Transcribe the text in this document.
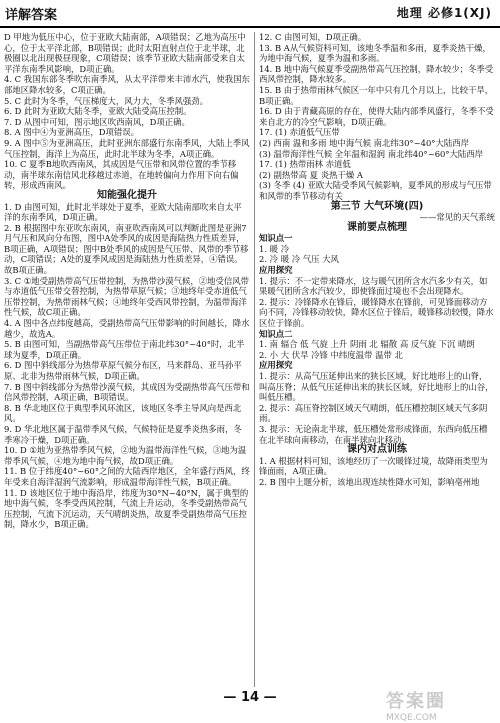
详解答案	地理 必修1(XJ)

D 甲地为低压中心，位于亚欧大陆南部，A项错误；乙地为高压中心，位于太平洋北部，B项错误；此时太阳直射点位于北半球，北极圈以北出现极昼现象，C项错误；该季节亚欧大陆南部受来自太平洋东南季风影响，D项正确。

4. C 我国东部冬季吹东南季风，从太平洋带来丰沛水汽，使我国东部地区降水较多，C项正确。

5. C 此时为冬季，气压梯度大，风力大，冬季风强劲。

6. D 此时为亚欧大陆冬季，亚欧大陆受高压控制。

7. D 从图中可知，图示地区吹西南风，D项正确。

8. A 图中④为亚洲高压，D项错误。

9. A 图中⑤为亚洲高压，此时亚洲东部盛行东南季风，大陆上季风气压控制，海洋上为高压，此时北半球为冬季，A项正确。

10. C 夏季B地吹西南风，其成因是气压带和风带位置的季节移动，南半球东南信风北移越过赤道，在地转偏向力作用下向右偏转，形成西南风。

知能强化提升

1. D 由图可知，此时北半球处于夏季，亚欧大陆南部吹来自太平洋的东南季风，D项正确。

2. B 根据图中东亚吹东南风，南亚吹西南风可以判断此图是亚洲7月气压和风向分布图，图中A处季风的成因是海陆热力性质差异，B项正确，A项错误；图中B处季风的成因是气压带、风带的季节移动，C项错误；A处的夏季风成因是海陆热力性质差异，④错误。故B项正确。

3. C ①地受副热带高气压带控制，为热带沙漠气候，②地受信风带与赤道低气压带交替控制，为热带草原气候；③地终年受赤道低气压带控制，为热带雨林气候；④地终年受西风带控制，为温带海洋性气候，故C项正确。

4. A 图中各点纬度越高，受副热带高气压带影响的时间越长，降水越少，故选A。

5. B 由图可知，当副热带高气压带位于南北纬30°~40°时，北半球为夏季，D项正确。

6. D 图中斜线部分为热带草原气候分布区，马来群岛、亚马孙平原、北非为热带雨林气候，D项正确。

7. B 图中斜线部分为热带沙漠气候，其成因为受副热带高气压带和信风带控制，A项正确，B项错误。

8. B 华北地区位于典型季风环流区，该地区冬季主导风向是西北风。

9. D 华北地区属于温带季风气候，气候特征是夏季炎热多雨，冬季寒冷干燥，D项正确。

10. D ①地为亚热带季风气候，②地为温带海洋性气候，③地为温带季风气候，④地为地中海气候，故D项正确。

11. B 位于纬度40°~60°之间的大陆西岸地区，全年盛行西风，终年受来自海洋湿润气流影响，形成温带海洋性气候，B项正确。

11. D 该地区位于地中海沿岸，纬度为30°N~40°N，属于典型的地中海气候，冬季受西风控制，气流上升运动，冬季受副热带高气压控制，气流下沉运动，天气晴朗炎热，故夏季受副热带高气压控制，降水少，B项正确。

12. C 由图可知，D项正确。

13. B A从气候资料可知，该地冬季温和多雨，夏季炎热干燥，为地中海气候，夏季为温和多雨。

14. B 地中海气候夏季受副热带高气压控制，降水较少；冬季受西风带控制，降水较多。

15. B 由于热带雨林气候区一年中只有几个月以上，比较干旱，B项正确。

16. D 由于青藏高原的存在，使得大陆内部季风盛行，冬季不受来自北方的冷空气影响，D项正确。

17. (1) 赤道低气压带

(2) 西南 温和多雨 地中海气候 南北纬30°~40°大陆西岸

(3) 温带海洋性气候 全年温和湿润 南北纬40°~60°大陆西岸

17. (1) 热带雨林 赤道低

(2) 副热带高 夏 炎热干燥 A

(3) 冬季 (4) 亚欧大陆受季风气候影响，夏季风的形成与气压带和风带的季节移动有关

第三节 大气环境(四)

——常见的天气系统

课前要点梳理

知识点一

1. 暖 冷

2. 冷 暖 冷 气压 大风

应用探究

1. 提示：不一定带来降水，这与暖气团所含水汽多少有关，如果暖气团所含水汽较少，即使锋面过境也不会出现降水。

2. 提示：冷锋降水在锋后，暖锋降水在锋前，可见锋面移动方向不同，冷锋移动较快，降水区位于锋后，暖锋移动较慢，降水区位于锋前。

知识点二

1. 南 辐合 低 气旋 上升 阴雨 北 辐散 高 反气旋 下沉 晴朗

2. 小 大 伏旱 冷锋 中纬度温带 温带 北

应用探究

1. 提示：从高气压延伸出来的狭长区域，好比地形上的山脊，叫高压脊；从低气压延伸出来的狭长区域，好比地形上的山谷，叫低压槽。

2. 提示：高压脊控制区域天气晴朗，低压槽控制区域天气多阴雨。

3. 提示：无论南北半球，低压槽处常形成锋面，东西向低压槽在北半球向南移动，在南半球向北移动。

课内对点训练

1. A 根据材料可知，该地经历了一次暖锋过境，故降雨类型为锋面雨，A项正确。

2. B 图中上题分析，该地出现连续性降水可知，影响亳州地

— 14 —	答案圈
MXQE.COM
